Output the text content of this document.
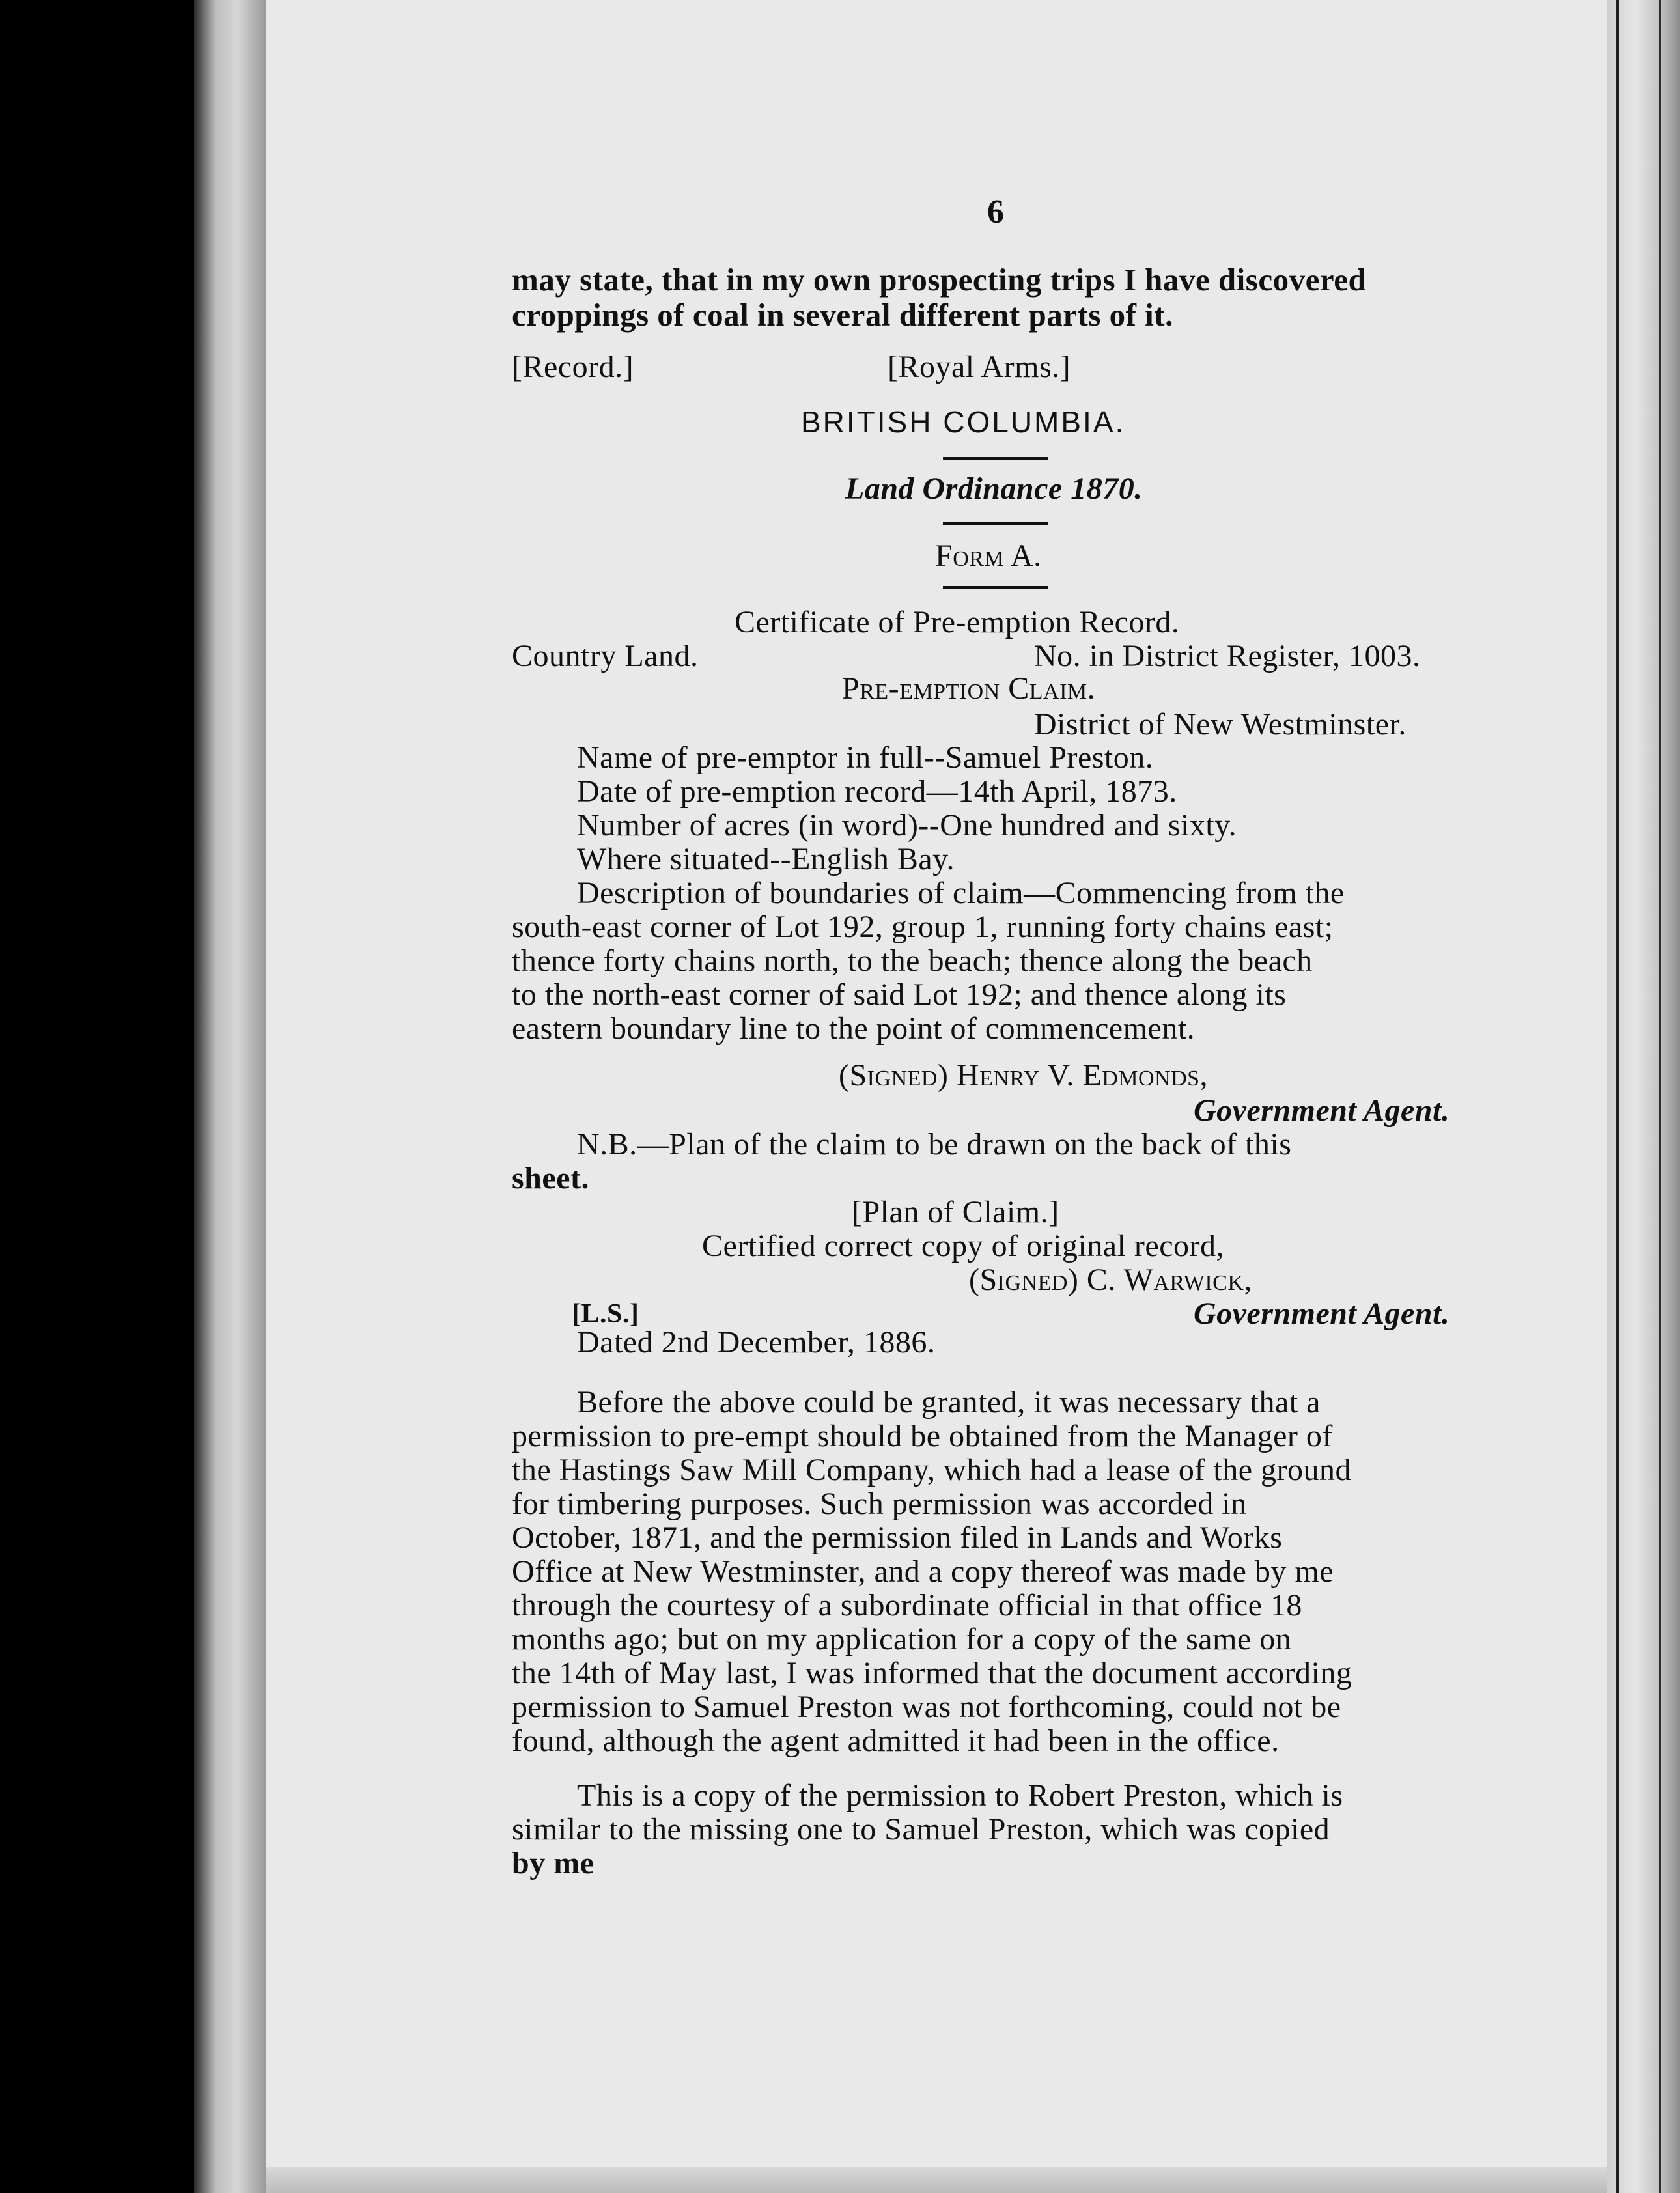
6
may state, that in my own prospecting trips I have discovered
croppings of coal in several different parts of it.
[Record.]	[Royal Arms.]
BRITISH COLUMBIA.
Land Ordinance 1870.
Form A.
Certificate of Pre-emption Record.
Country Land.	No. in District Register, 1003.
Pre-emption Claim.
District of New Westminster.
Name of pre-emptor in full--Samuel Preston.
Date of pre-emption record—14th April, 1873.
Number of acres (in word)--One hundred and sixty.
Where situated--English Bay.
Description of boundaries of claim—Commencing from the
south-east corner of Lot 192, group 1, running forty chains east;
thence forty chains north, to the beach; thence along the beach
to the north-east corner of said Lot 192; and thence along its
eastern boundary line to the point of commencement.
(Signed) Henry V. Edmonds,
Government Agent.
N.B.—Plan of the claim to be drawn on the back of this
sheet.
[Plan of Claim.]
Certified correct copy of original record,
(Signed) C. Warwick,
[L.S.]	Government Agent.
Dated 2nd December, 1886.
Before the above could be granted, it was necessary that a
permission to pre-empt should be obtained from the Manager of
the Hastings Saw Mill Company, which had a lease of the ground
for timbering purposes. Such permission was accorded in
October, 1871, and the permission filed in Lands and Works
Office at New Westminster, and a copy thereof was made by me
through the courtesy of a subordinate official in that office 18
months ago; but on my application for a copy of the same on
the 14th of May last, I was informed that the document according
permission to Samuel Preston was not forthcoming, could not be
found, although the agent admitted it had been in the office.
This is a copy of the permission to Robert Preston, which is
similar to the missing one to Samuel Preston, which was copied
by me
